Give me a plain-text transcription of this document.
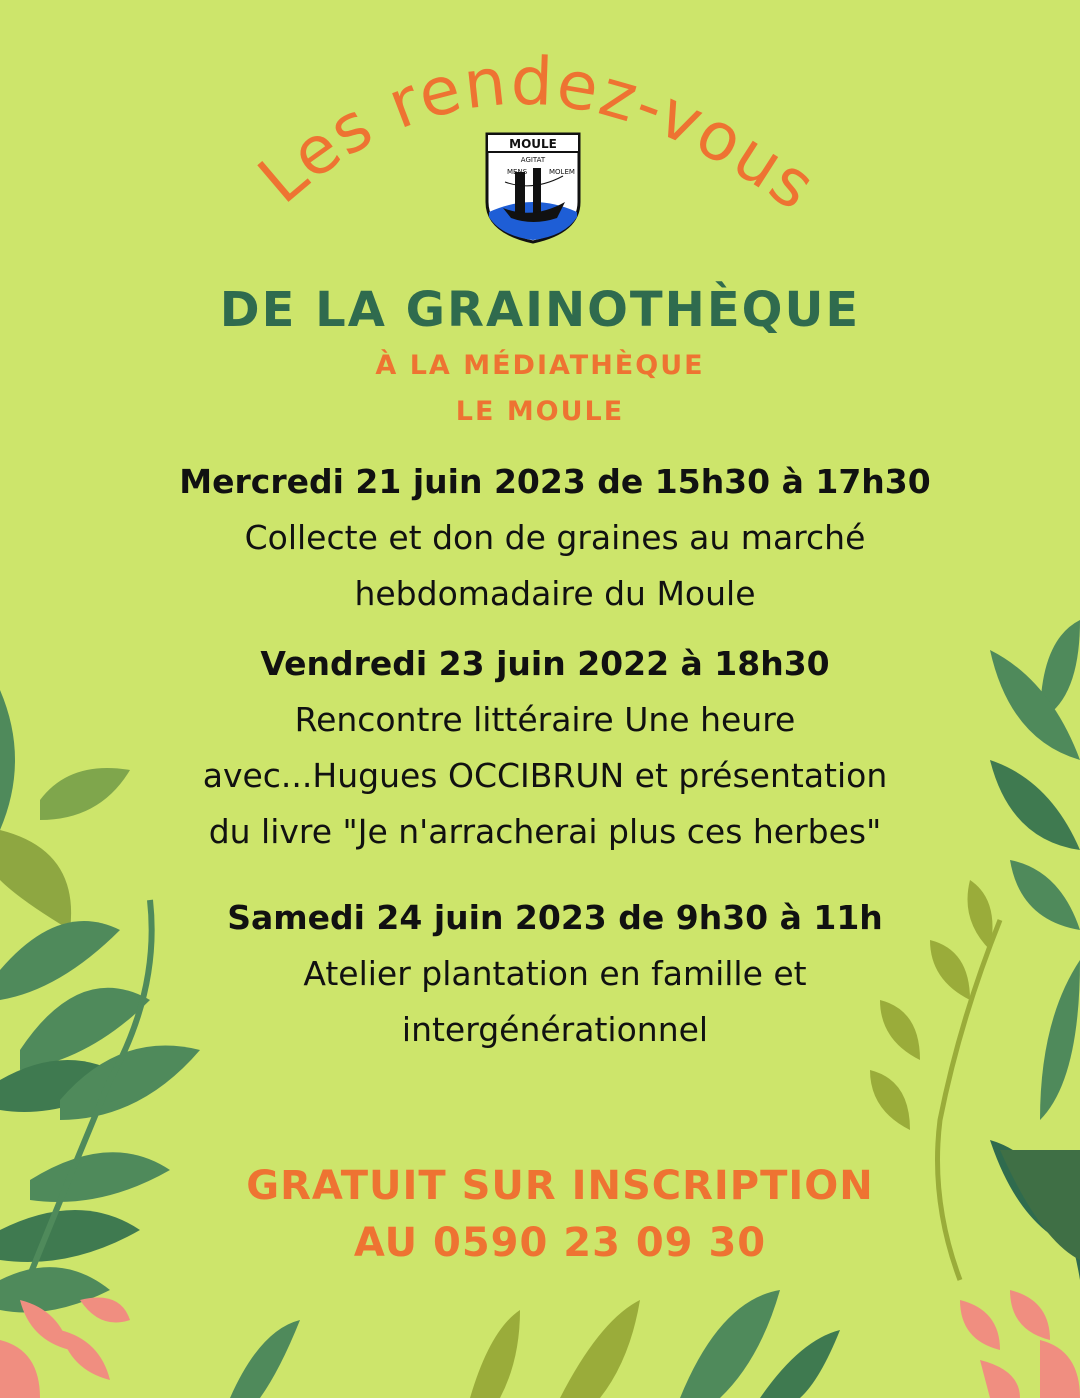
Les rendez-vous
MOULE
MENS
AGITAT
MOLEM
DE LA GRAINOTHÈQUE

À LA MÉDIATHÈQUE

LE MOULE

Mercredi 21 juin 2023 de 15h30 à 17h30

Collecte et don de graines au marché

hebdomadaire du Moule

Vendredi 23 juin 2022 à 18h30

Rencontre littéraire Une heure

avec...Hugues OCCIBRUN et présentation

du livre "Je n'arracherai plus ces herbes"

Samedi 24 juin 2023 de 9h30 à 11h

Atelier plantation en famille et

intergénérationnel

GRATUIT SUR INSCRIPTION

AU 0590 23 09 30
